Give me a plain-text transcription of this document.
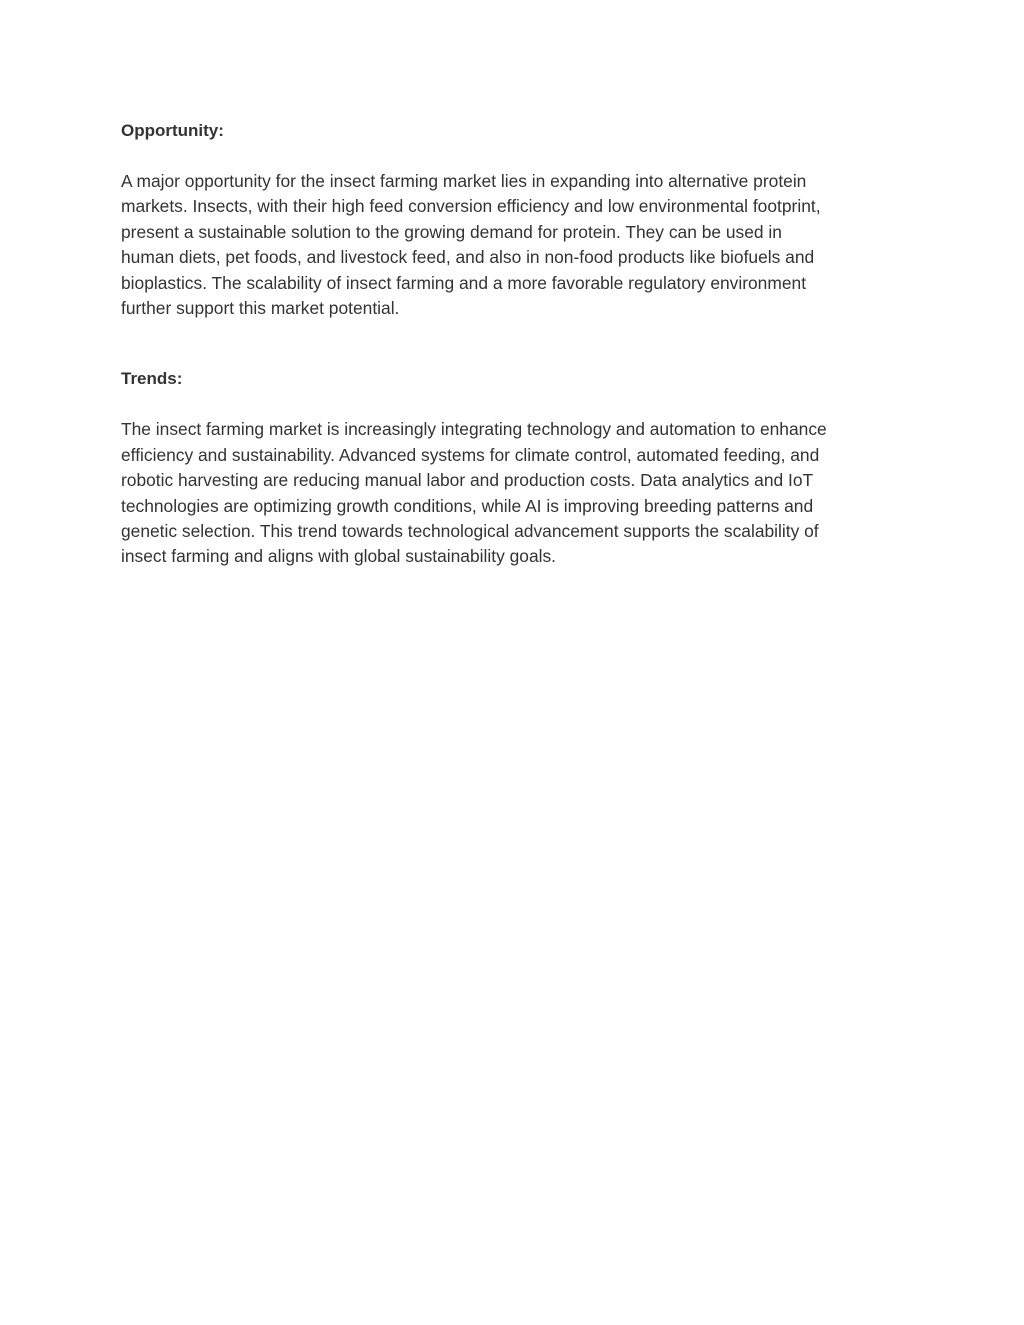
Opportunity:

A major opportunity for the insect farming market lies in expanding into alternative protein
markets. Insects, with their high feed conversion efficiency and low environmental footprint,
present a sustainable solution to the growing demand for protein. They can be used in
human diets, pet foods, and livestock feed, and also in non-food products like biofuels and
bioplastics. The scalability of insect farming and a more favorable regulatory environment
further support this market potential.

Trends:

The insect farming market is increasingly integrating technology and automation to enhance
efficiency and sustainability. Advanced systems for climate control, automated feeding, and
robotic harvesting are reducing manual labor and production costs. Data analytics and IoT
technologies are optimizing growth conditions, while AI is improving breeding patterns and
genetic selection. This trend towards technological advancement supports the scalability of
insect farming and aligns with global sustainability goals.
